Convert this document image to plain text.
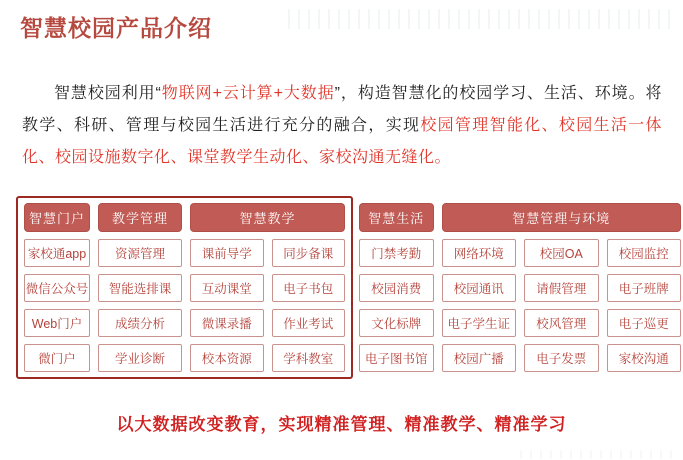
智慧校园产品介绍

智慧校园利用“物联网+云计算+大数据”，构造智慧化的校园学习、生活、环境。将教学、科研、管理与校园生活进行充分的融合，实现校园管理智能化、校园生活一体化、校园设施数字化、课堂教学生动化、家校沟通无缝化。

智慧门户	教学管理	智慧教学
家校通app	资源管理	课前导学	同步备课
微信公众号	智能选排课	互动课堂	电子书包
Web门户	成绩分析	微课录播	作业考试
微门户	学业诊断	校本资源	学科教室
智慧生活	智慧管理与环境
门禁考勤	网络环境	校园OA	校园监控
校园消费	校园通讯	请假管理	电子班牌
文化标牌	电子学生证	校风管理	电子巡更
电子图书馆	校园广播	电子发票	家校沟通
以大数据改变教育，实现精准管理、精准教学、精准学习
